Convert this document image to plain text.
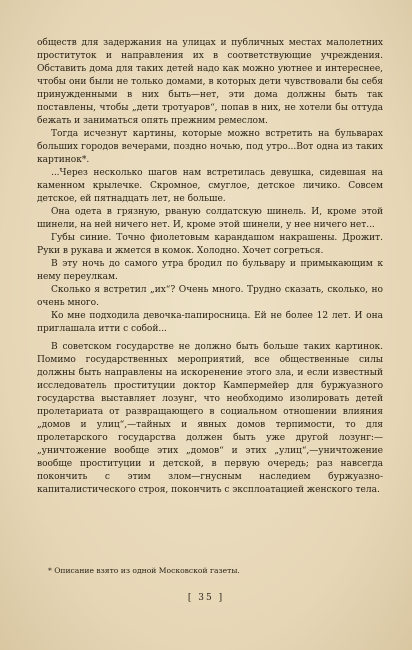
обществ для задержания на улицах и публичных местах малолетних проституток и направления их в соответствующие учреждения. Обставить дома для таких детей надо как можно уютнее и интереснее, чтобы они были не только домами, в которых дети чувствовали бы себя принужденными в них быть—нет, эти дома должны быть так поставлены, чтобы „дети тротуаров“, попав в них, не хотели бы оттуда бежать и заниматься опять прежним ремеслом.

Тогда исчезнут картины, которые можно встретить на бульварах больших городов вечерами, поздно ночью, под утро...Вот одна из таких картинок*.

...Через несколько шагов нам встретилась девушка, сидевшая на каменном крылечке. Скромное, смуглое, детское личико. Совсем детское, ей пятнадцать лет, не больше.

Она одета в грязную, рваную солдатскую шинель. И, кроме этой шинели, на ней ничего нет. И, кроме этой шинели, у нее ничего нет...

Губы синие. Точно фиолетовым карандашом накрашены. Дрожит. Руки в рукава и жмется в комок. Холодно. Хочет согреться.

В эту ночь до самого утра бродил по бульвару и примыкающим к нему переулкам.

Сколько я встретил „их“? Очень много. Трудно сказать, сколько, но очень много.

Ко мне подходила девочка-папиросница. Ей не более 12 лет. И она приглашала итти с собой...

В советском государстве не должно быть больше таких картинок. Помимо государственных мероприятий, все общественные силы должны быть направлены на искоренение этого зла, и если известный исследователь проституции доктор Кампермейер для буржуазного государства выставляет лозунг, что необходимо изолировать детей пролетариата от развращающего в социальном отношении влияния „домов и улиц“,—тайных и явных домов терпимости, то для пролетарского государства должен быть уже другой лозунг:—„уничтожение вообще этих „домов“ и этих „улиц“,—уничтожение вообще проституции и детской, в первую очередь; раз навсегда покончить с этим злом—гнусным наследием буржуазно-капиталистического строя, покончить с эксплоатацией женского тела.

* Описание взято из одной Московской газеты.
[ 35 ]
